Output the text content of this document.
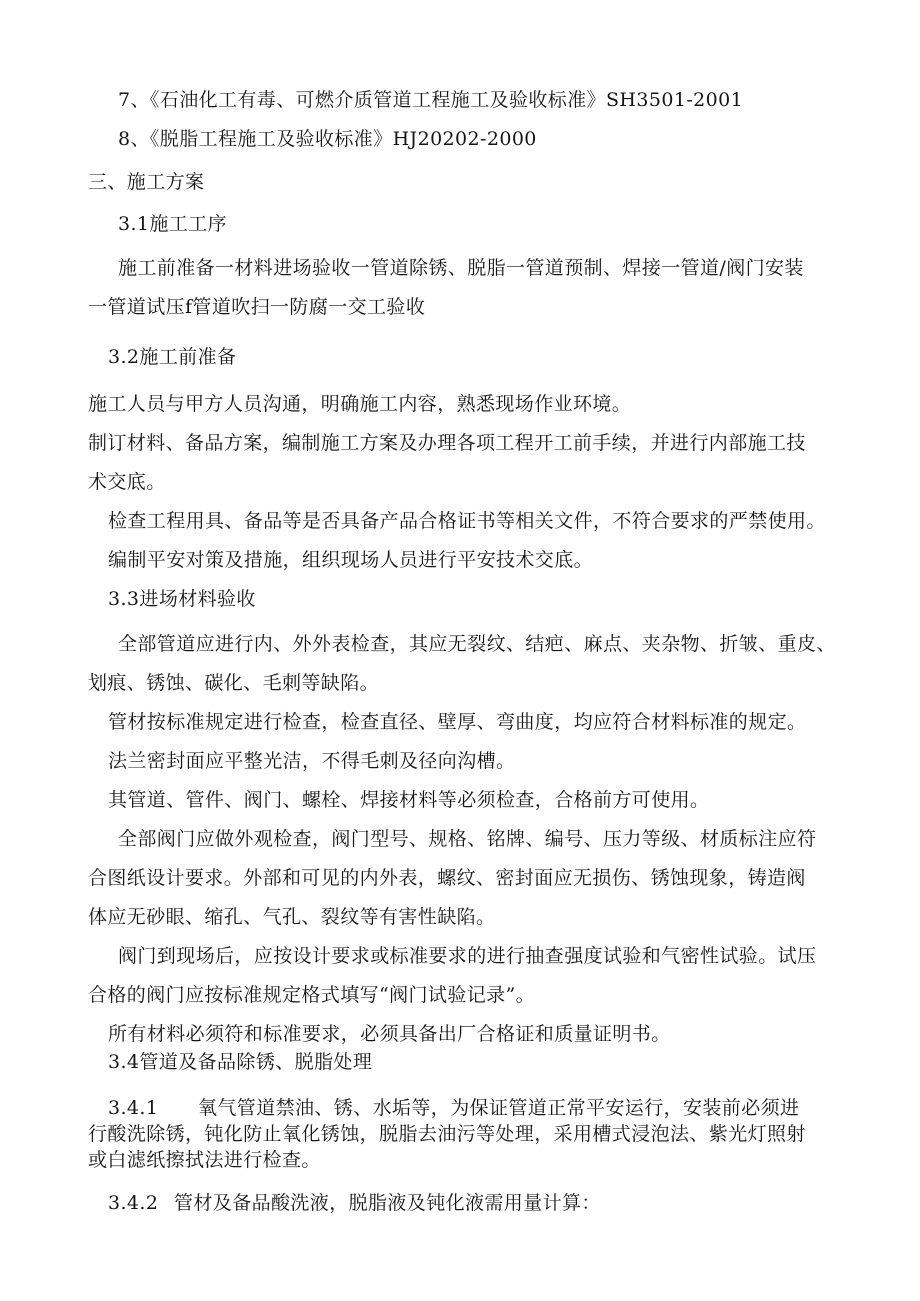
7、《石油化工有毒、可燃介质管道工程施工及验收标准》SH3501-2001
8、《脱脂工程施工及验收标准》HJ20202-2000
三、施工方案
3.1施工工序
施工前准备一材料进场验收一管道除锈、脱脂一管道预制、焊接一管道/阀门安装
一管道试压f管道吹扫一防腐一交工验收
3.2施工前准备
施工人员与甲方人员沟通，明确施工内容，熟悉现场作业环境。
制订材料、备品方案，编制施工方案及办理各项工程开工前手续，并进行内部施工技
术交底。
检查工程用具、备品等是否具备产品合格证书等相关文件，不符合要求的严禁使用。
编制平安对策及措施，组织现场人员进行平安技术交底。
3.3进场材料验收
全部管道应进行内、外外表检查，其应无裂纹、结疤、麻点、夹杂物、折皱、重皮、
划痕、锈蚀、碳化、毛刺等缺陷。
管材按标准规定进行检查，检查直径、壁厚、弯曲度，均应符合材料标准的规定。
法兰密封面应平整光洁，不得毛刺及径向沟槽。
其管道、管件、阀门、螺栓、焊接材料等必须检查，合格前方可使用。
全部阀门应做外观检查，阀门型号、规格、铭牌、编号、压力等级、材质标注应符
合图纸设计要求。外部和可见的内外表，螺纹、密封面应无损伤、锈蚀现象，铸造阀
体应无砂眼、缩孔、气孔、裂纹等有害性缺陷。
阀门到现场后，应按设计要求或标准要求的进行抽查强度试验和气密性试验。试压
合格的阀门应按标准规定格式填写“阀门试验记录”。
所有材料必须符和标准要求，必须具备出厂合格证和质量证明书。
3.4管道及备品除锈、脱脂处理
3.4.1 氧气管道禁油、锈、水垢等，为保证管道正常平安运行，安装前必须进
行酸洗除锈，钝化防止氧化锈蚀，脱脂去油污等处理，采用槽式浸泡法、紫光灯照射
或白滤纸擦拭法进行检查。
3.4.2 管材及备品酸洗液，脱脂液及钝化液需用量计算：
